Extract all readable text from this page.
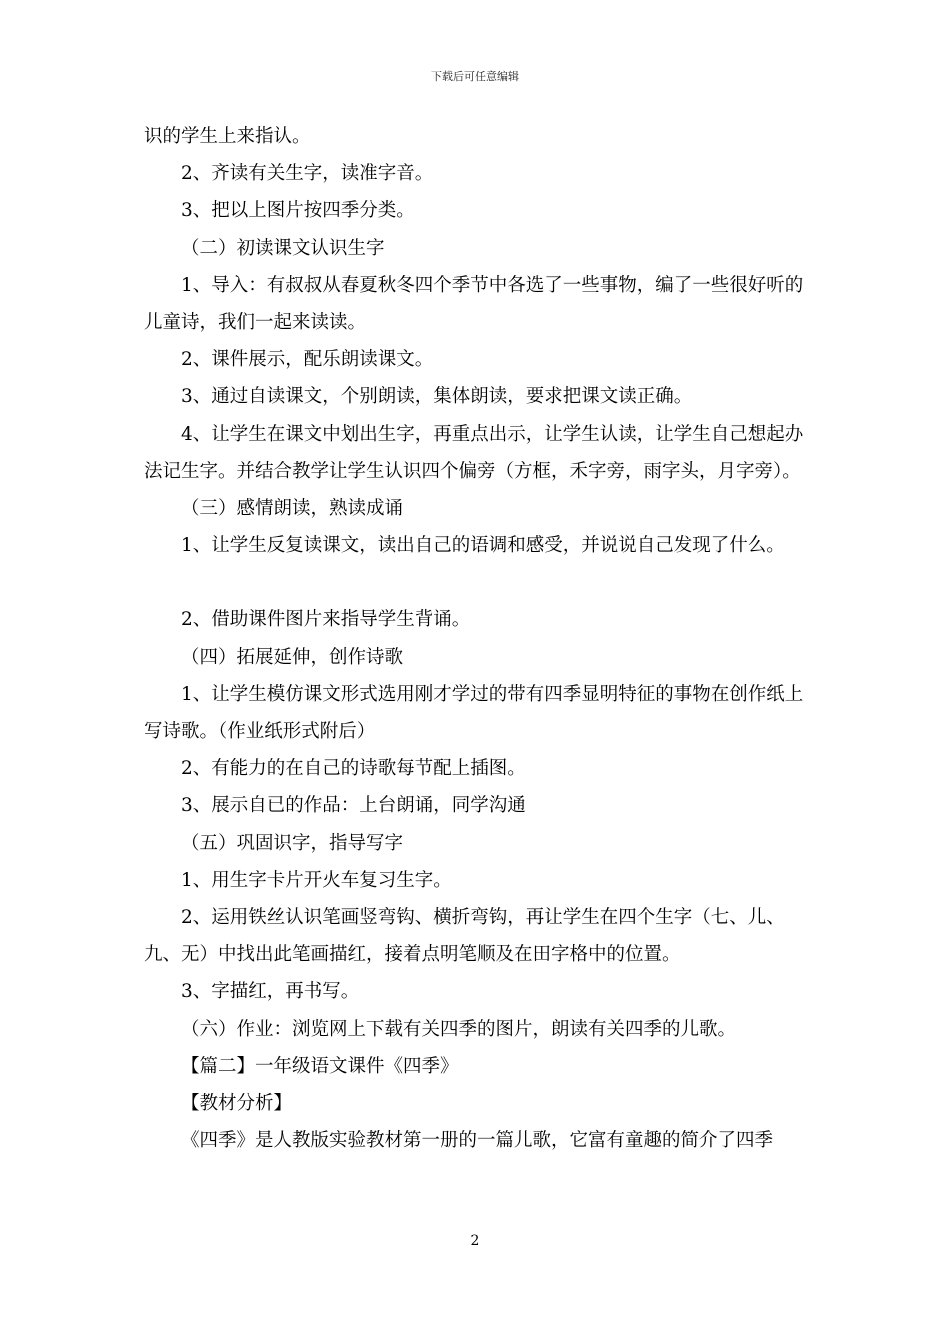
下载后可任意编辑

识的学生上来指认。

2、齐读有关生字，读准字音。

3、把以上图片按四季分类。

（二）初读课文认识生字

1、导入：有叔叔从春夏秋冬四个季节中各选了一些事物，编了一些很好听的儿童诗，我们一起来读读。

2、课件展示，配乐朗读课文。

3、通过自读课文，个别朗读，集体朗读，要求把课文读正确。

4、让学生在课文中划出生字，再重点出示，让学生认读，让学生自己想起办法记生字。并结合教学让学生认识四个偏旁（方框，禾字旁，雨字头，月字旁）。

（三）感情朗读，熟读成诵

1、让学生反复读课文，读出自己的语调和感受，并说说自己发现了什么。

2、借助课件图片来指导学生背诵。

（四）拓展延伸，创作诗歌

1、让学生模仿课文形式选用刚才学过的带有四季显明特征的事物在创作纸上写诗歌。（作业纸形式附后）

2、有能力的在自己的诗歌每节配上插图。

3、展示自已的作品：上台朗诵，同学沟通

（五）巩固识字，指导写字

1、用生字卡片开火车复习生字。

2、运用铁丝认识笔画竖弯钩、横折弯钩，再让学生在四个生字（七、儿、九、无）中找出此笔画描红，接着点明笔顺及在田字格中的位置。

3、字描红，再书写。

（六）作业：浏览网上下载有关四季的图片，朗读有关四季的儿歌。

【篇二】一年级语文课件《四季》

【教材分析】

《四季》是人教版实验教材第一册的一篇儿歌，它富有童趣的简介了四季

2
